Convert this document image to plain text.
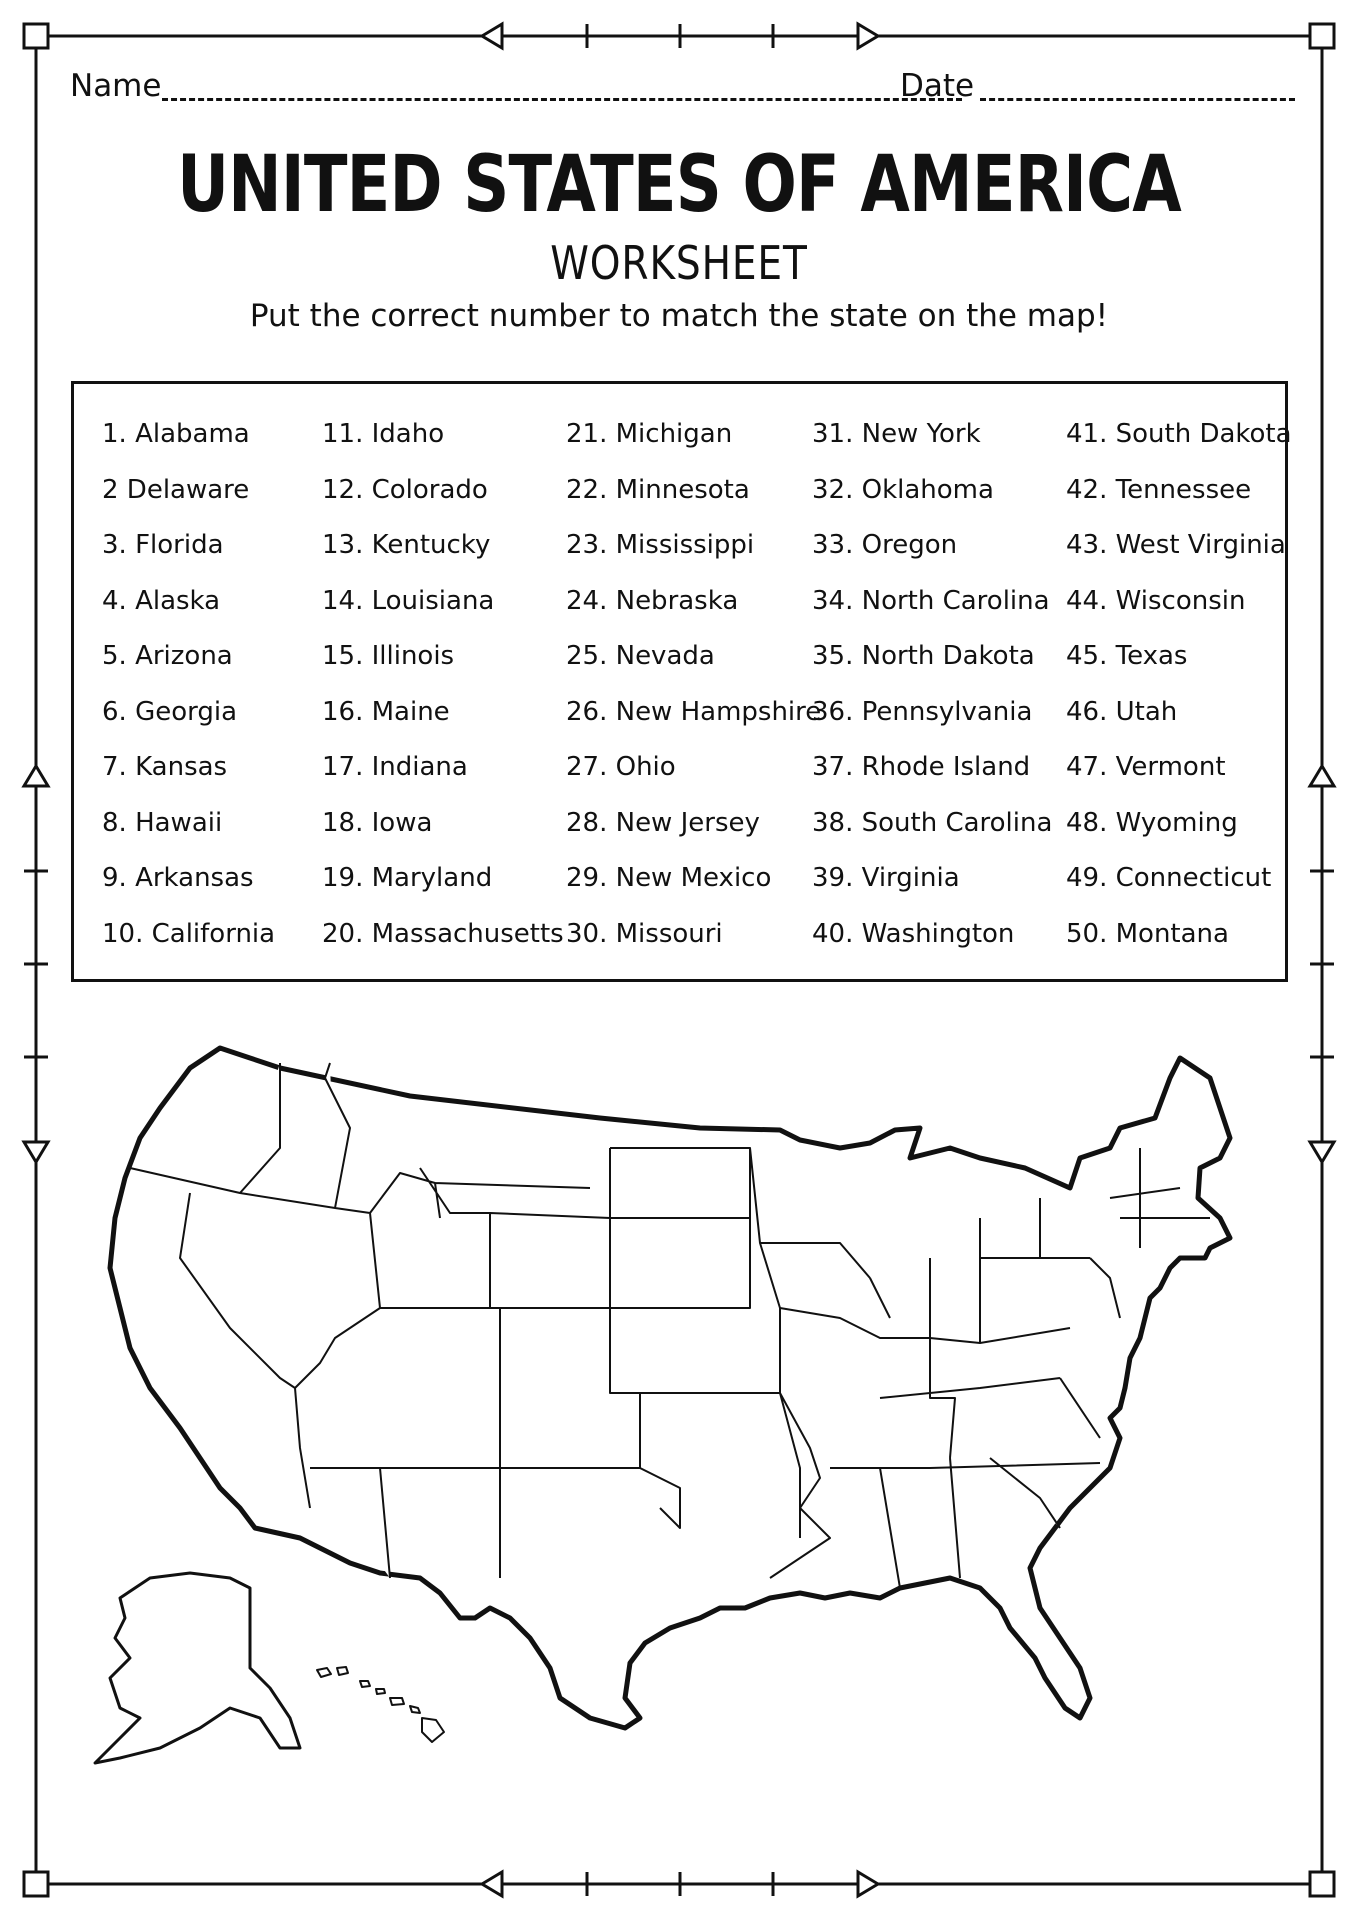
Name	Date
UNITED STATES OF AMERICA
WORKSHEET
Put the correct number to match the state on the map!
1. Alabama
2 Delaware
3. Florida
4. Alaska
5. Arizona
6. Georgia
7. Kansas
8. Hawaii
9. Arkansas
10. California
11. Idaho
12. Colorado
13. Kentucky
14. Louisiana
15. Illinois
16. Maine
17. Indiana
18. Iowa
19. Maryland
20. Massachusetts
21. Michigan
22. Minnesota
23. Mississippi
24. Nebraska
25. Nevada
26. New Hampshire
27. Ohio
28. New Jersey
29. New Mexico
30. Missouri
31. New York
32. Oklahoma
33. Oregon
34. North Carolina
35. North Dakota
36. Pennsylvania
37. Rhode Island
38. South Carolina
39. Virginia
40. Washington
41. South Dakota
42. Tennessee
43. West Virginia
44. Wisconsin
45. Texas
46. Utah
47. Vermont
48. Wyoming
49. Connecticut
50. Montana
